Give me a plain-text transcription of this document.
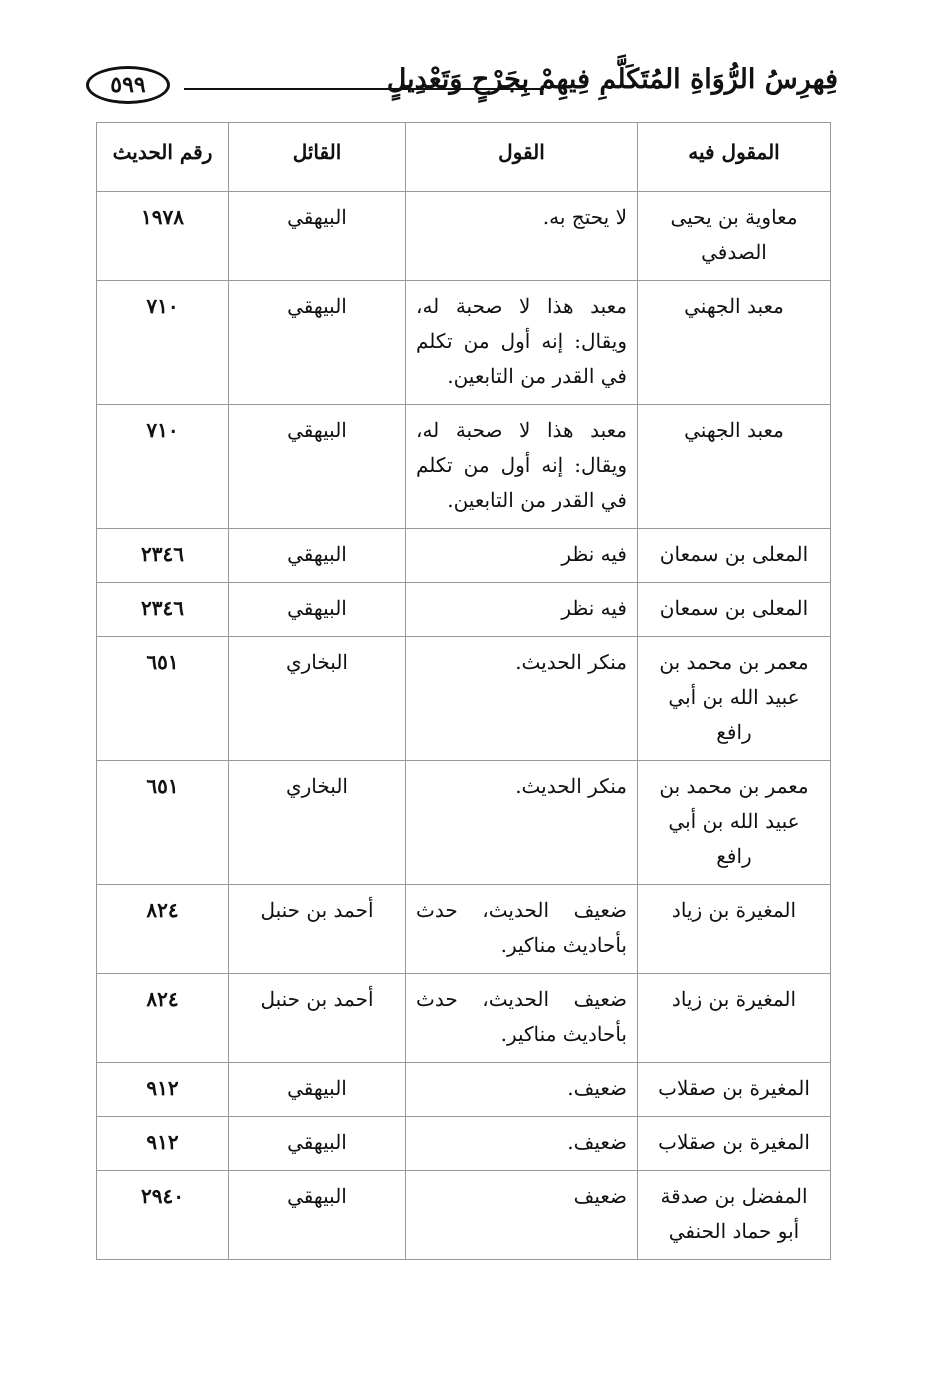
٥٩٩	فِهرِسُ الرُّوَاةِ المُتَكَلَّمِ فِيهِمْ بِجَرْحٍ وَتَعْدِيلٍ
المقول فيه	القول	القائل	رقم الحديث
معاوية بن يحيى الصدفي	لا يحتج به.	البيهقي	١٩٧٨
معبد الجهني	معبد هذا لا صحبة له، ويقال: إنه أول من تكلم في القدر من التابعين.	البيهقي	٧١٠
معبد الجهني	معبد هذا لا صحبة له، ويقال: إنه أول من تكلم في القدر من التابعين.	البيهقي	٧١٠
المعلى بن سمعان	فيه نظر	البيهقي	٢٣٤٦
المعلى بن سمعان	فيه نظر	البيهقي	٢٣٤٦
معمر بن محمد بن عبيد الله بن أبي رافع	منكر الحديث.	البخاري	٦٥١
معمر بن محمد بن عبيد الله بن أبي رافع	منكر الحديث.	البخاري	٦٥١
المغيرة بن زياد	ضعيف الحديث، حدث بأحاديث مناكير.	أحمد بن حنبل	٨٢٤
المغيرة بن زياد	ضعيف الحديث، حدث بأحاديث مناكير.	أحمد بن حنبل	٨٢٤
المغيرة بن صقلاب	ضعيف.	البيهقي	٩١٢
المغيرة بن صقلاب	ضعيف.	البيهقي	٩١٢
المفضل بن صدقة أبو حماد الحنفي	ضعيف	البيهقي	٢٩٤٠
